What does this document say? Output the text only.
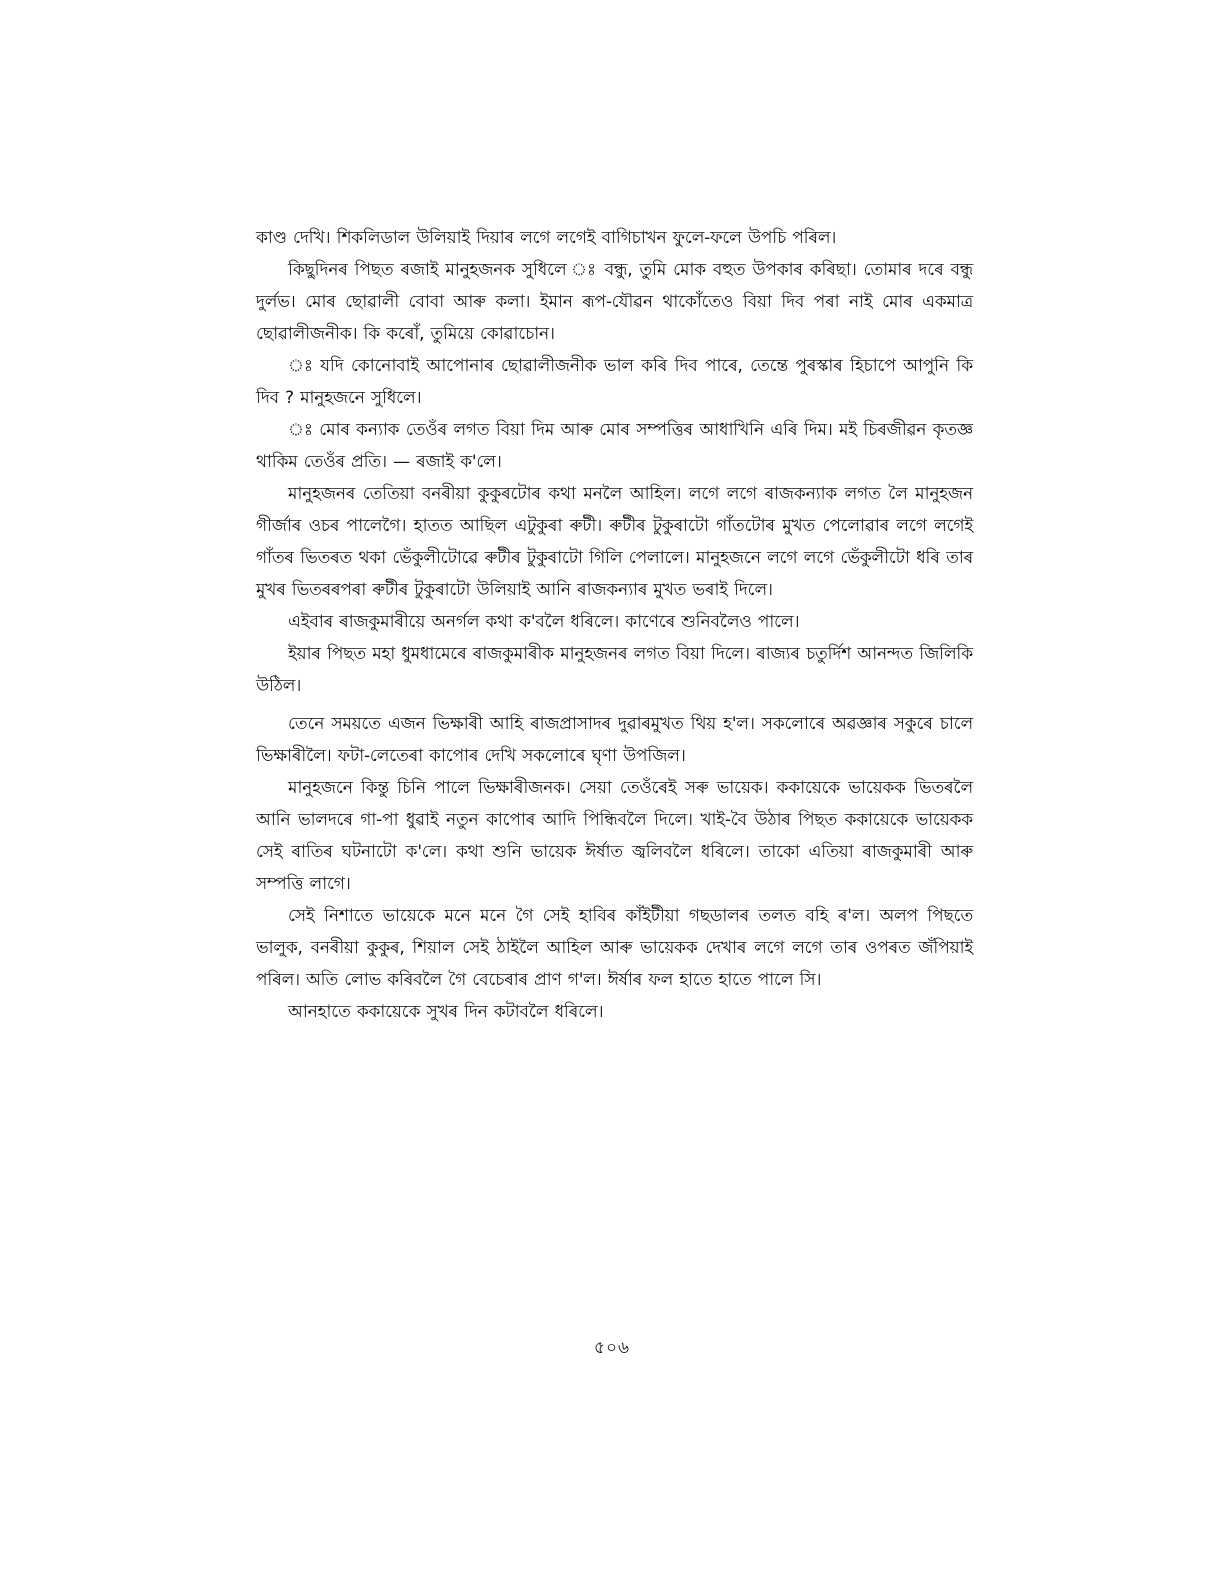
কাণ্ড দেখি। শিকলিডাল উলিয়াই দিয়াৰ লগে লগেই বাগিচাখন ফুলে-ফলে উপচি পৰিল।

কিছুদিনৰ পিছত ৰজাই মানুহজনক সুধিলে ঃ বন্ধু, তুমি মোক বহুত উপকাৰ কৰিছা। তোমাৰ দৰে বন্ধু দুৰ্লভ। মোৰ ছোৱালী বোবা আৰু কলা। ইমান ৰূপ-যৌৱন থাকোঁতেও বিয়া দিব পৰা নাই মোৰ একমাত্ৰ ছোৱালীজনীক। কি কৰোঁ, তুমিয়ে কোৱাচোন।

ঃ যদি কোনোবাই আপোনাৰ ছোৱালীজনীক ভাল কৰি দিব পাৰে, তেন্তে পুৰস্কাৰ হিচাপে আপুনি কি দিব ? মানুহজনে সুধিলে।

ঃ মোৰ কন্যাক তেওঁৰ লগত বিয়া দিম আৰু মোৰ সম্পত্তিৰ আধাখিনি এৰি দিম। মই চিৰজীৱন কৃতজ্ঞ থাকিম তেওঁৰ প্ৰতি। — ৰজাই ক'লে।

মানুহজনৰ তেতিয়া বনৰীয়া কুকুৰটোৰ কথা মনলৈ আহিল। লগে লগে ৰাজকন্যাক লগত লৈ মানুহজন গীৰ্জাৰ ওচৰ পালেগৈ। হাতত আছিল এটুকুৰা ৰুটী। ৰুটীৰ টুকুৰাটো গাঁতটোৰ মুখত পেলোৱাৰ লগে লগেই গাঁতৰ ভিতৰত থকা ভেঁকুলীটোৱে ৰুটীৰ টুকুৰাটো গিলি পেলালে। মানুহজনে লগে লগে ভেঁকুলীটো ধৰি তাৰ মুখৰ ভিতৰৰপৰা ৰুটীৰ টুকুৰাটো উলিয়াই আনি ৰাজকন্যাৰ মুখত ভৰাই দিলে।

এইবাৰ ৰাজকুমাৰীয়ে অনৰ্গল কথা ক'বলৈ ধৰিলে। কাণেৰে শুনিবলৈও পালে।

ইয়াৰ পিছত মহা ধুমধামেৰে ৰাজকুমাৰীক মানুহজনৰ লগত বিয়া দিলে। ৰাজ্যৰ চতুৰ্দিশ আনন্দত জিলিকি উঠিল।

তেনে সময়তে এজন ভিক্ষাৰী আহি ৰাজপ্ৰাসাদৰ দুৱাৰমুখত থিয় হ'ল। সকলোৰে অৱজ্ঞাৰ সকুৰে চালে ভিক্ষাৰীলৈ। ফটা-লেতেৰা কাপোৰ দেখি সকলোৰে ঘৃণা উপজিল।

মানুহজনে কিন্তু চিনি পালে ভিক্ষাৰীজনক। সেয়া তেওঁৰেই সৰু ভায়েক। ককায়েকে ভায়েকক ভিতৰলৈ আনি ভালদৰে গা-পা ধুৱাই নতুন কাপোৰ আদি পিন্ধিবলৈ দিলে। খাই-বৈ উঠাৰ পিছত ককায়েকে ভায়েকক সেই ৰাতিৰ ঘটনাটো ক'লে। কথা শুনি ভায়েক ঈৰ্ষাত জ্বলিবলৈ ধৰিলে। তাকো এতিয়া ৰাজকুমাৰী আৰু সম্পত্তি লাগে।

সেই নিশাতে ভায়েকে মনে মনে গৈ সেই হাবিৰ কাঁইটীয়া গছডালৰ তলত বহি ৰ'ল। অলপ পিছতে ভালুক, বনৰীয়া কুকুৰ, শিয়াল সেই ঠাইলৈ আহিল আৰু ভায়েকক দেখাৰ লগে লগে তাৰ ওপৰত জঁপিয়াই পৰিল। অতি লোভ কৰিবলৈ গৈ বেচেৰাৰ প্ৰাণ গ'ল। ঈৰ্ষাৰ ফল হাতে হাতে পালে সি।

আনহাতে ককায়েকে সুখৰ দিন কটাবলৈ ধৰিলে।

৫০৬
